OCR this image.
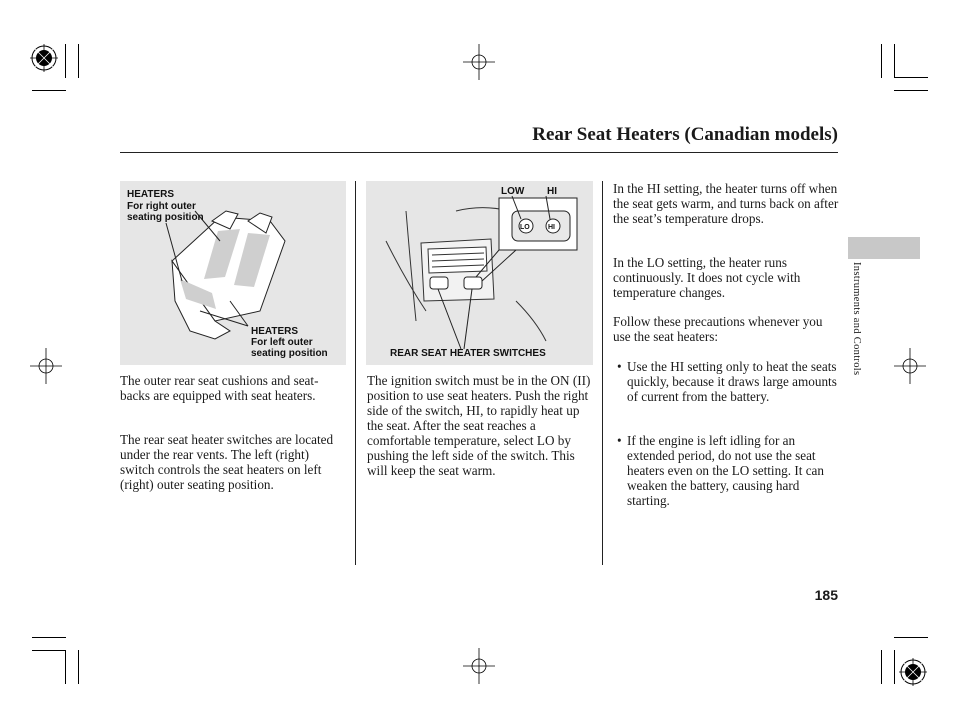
Rear Seat Heaters (Canadian models)
Instruments and Controls
HEATERS
For right outer
seating position
HEATERS
For left outer
seating position
LOW HI
LO	HI
REAR SEAT HEATER SWITCHES

The outer rear seat cushions and seat-backs are equipped with seat heaters.

The rear seat heater switches are located under the rear vents. The left (right) switch controls the seat heaters on left (right) outer seating position.

The ignition switch must be in the ON (II) position to use seat heaters. Push the right side of the switch, HI, to rapidly heat up the seat. After the seat reaches a comfortable temperature, select LO by pushing the left side of the switch. This will keep the seat warm.

In the HI setting, the heater turns off when the seat gets warm, and turns back on after the seat’s temperature drops.

In the LO setting, the heater runs continuously. It does not cycle with temperature changes.

Follow these precautions whenever you use the seat heaters:

• Use the HI setting only to heat the seats quickly, because it draws large amounts of current from the battery.
• If the engine is left idling for an extended period, do not use the seat heaters even on the LO setting. It can weaken the battery, causing hard starting.
185
